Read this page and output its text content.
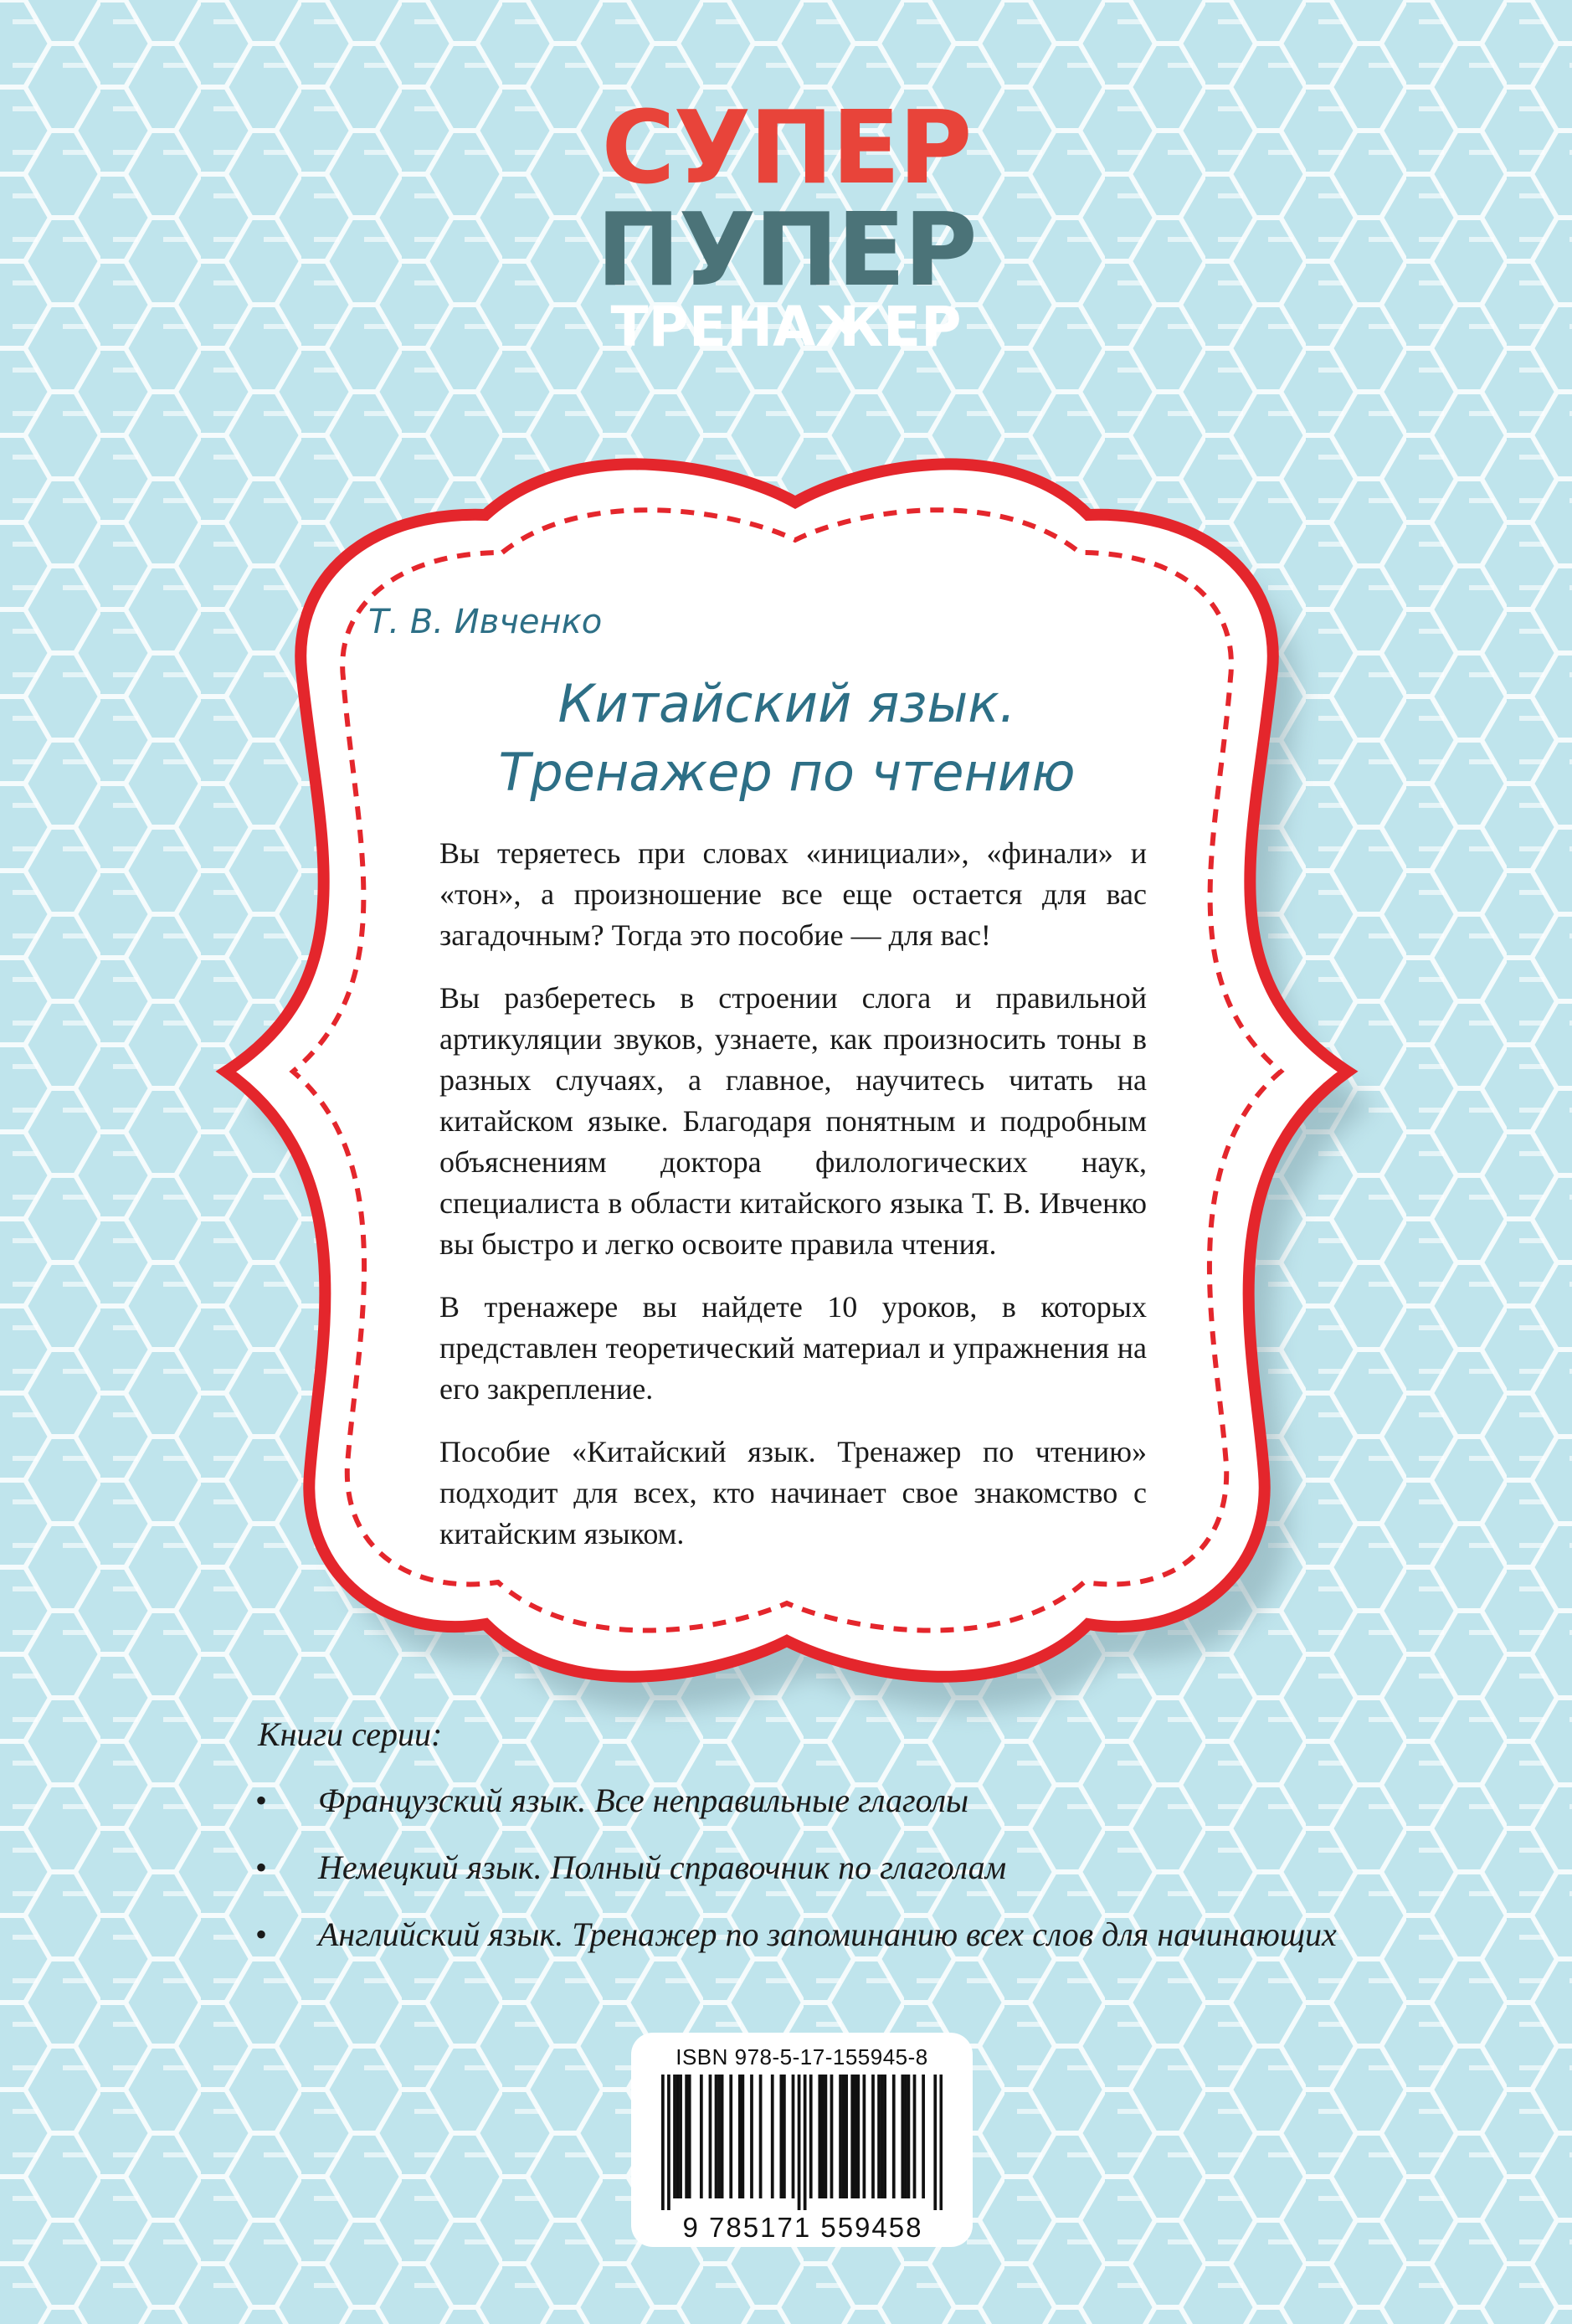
СУПЕР
ПУПЕР
ТРЕНАЖЕР
Т. В. Ивченко
Китайский язык.
Тренажер по чтению

Вы теряетесь при словах «инициали», «финали» и «тон», а произношение все еще остается для вас загадочным? Тогда это пособие — для вас!

Вы разберетесь в строении слога и правильной артикуляции звуков, узнаете, как произносить тоны в разных случаях, а главное, научитесь читать на китайском языке. Благодаря понятным и подробным объяснениям доктора филологических наук, специалиста в области китайского языка Т. В. Ивченко вы быстро и легко освоите правила чтения.

В тренажере вы найдете 10 уроков, в которых представлен теоретический материал и упражнения на его закрепление.

Пособие «Китайский язык. Тренажер по чтению» подходит для всех, кто начинает свое знакомство с китайским языком.

Книги серии:
• Французский язык. Все неправильные глаголы
• Немецкий язык. Полный справочник по глаголам
• Английский язык. Тренажер по запоминанию всех слов для начинающих
ISBN 978-5-17-155945-8
9 785171 559458
